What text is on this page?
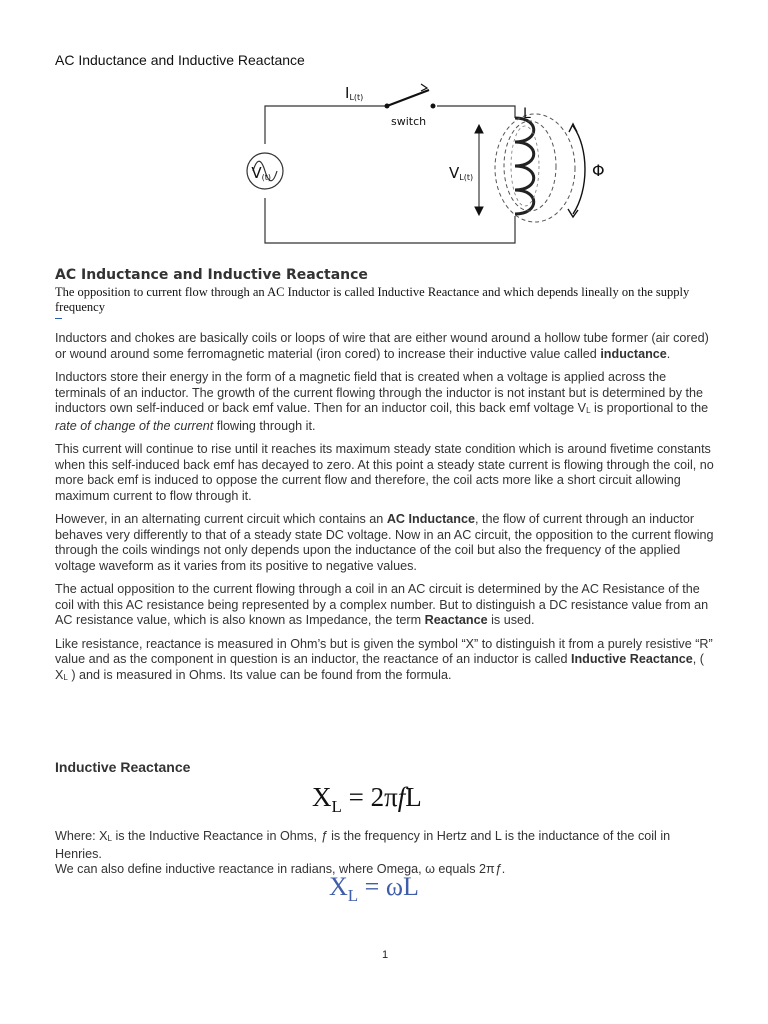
AC Inductance and Inductive Reactance
IL(t)
switch	L
V(t)	VL(t)	Φ
AC Inductance and Inductive Reactance
The opposition to current flow through an AC Inductor is called Inductive Reactance and which depends lineally on the supply frequency

Inductors and chokes are basically coils or loops of wire that are either wound around a hollow tube former (air cored) or wound around some ferromagnetic material (iron cored) to increase their inductive value called inductance.

Inductors store their energy in the form of a magnetic field that is created when a voltage is applied across the terminals of an inductor. The growth of the current flowing through the inductor is not instant but is determined by the inductors own self-induced or back emf value. Then for an inductor coil, this back emf voltage $V_L$ is proportional to the rate of change of the current flowing through it.

This current will continue to rise until it reaches its maximum steady state condition which is around fivetime constants when this self-induced back emf has decayed to zero. At this point a steady state current is flowing through the coil, no more back emf is induced to oppose the current flow and therefore, the coil acts more like a short circuit allowing maximum current to flow through it.

However, in an alternating current circuit which contains an AC Inductance, the flow of current through an inductor behaves very differently to that of a steady state DC voltage. Now in an AC circuit, the opposition to the current flowing through the coils windings not only depends upon the inductance of the coil but also the frequency of the applied voltage waveform as it varies from its positive to negative values.

The actual opposition to the current flowing through a coil in an AC circuit is determined by the AC Resistance of the coil with this AC resistance being represented by a complex number. But to distinguish a DC resistance value from an AC resistance value, which is also known as Impedance, the term Reactance is used.

Like resistance, reactance is measured in Ohm’s but is given the symbol “X” to distinguish it from a purely resistive “R” value and as the component in question is an inductor, the reactance of an inductor is called Inductive Reactance, ( $X_L$ ) and is measured in Ohms. Its value can be found from the formula.

Inductive Reactance
$X_L = 2\pi fL$
Where: $X_L$ is the Inductive Reactance in Ohms, ƒ is the frequency in Hertz and L is the inductance of the coil in Henries.
We can also define inductive reactance in radians, where Omega, ω equals 2πƒ.
$X_L = \omega L$
1
